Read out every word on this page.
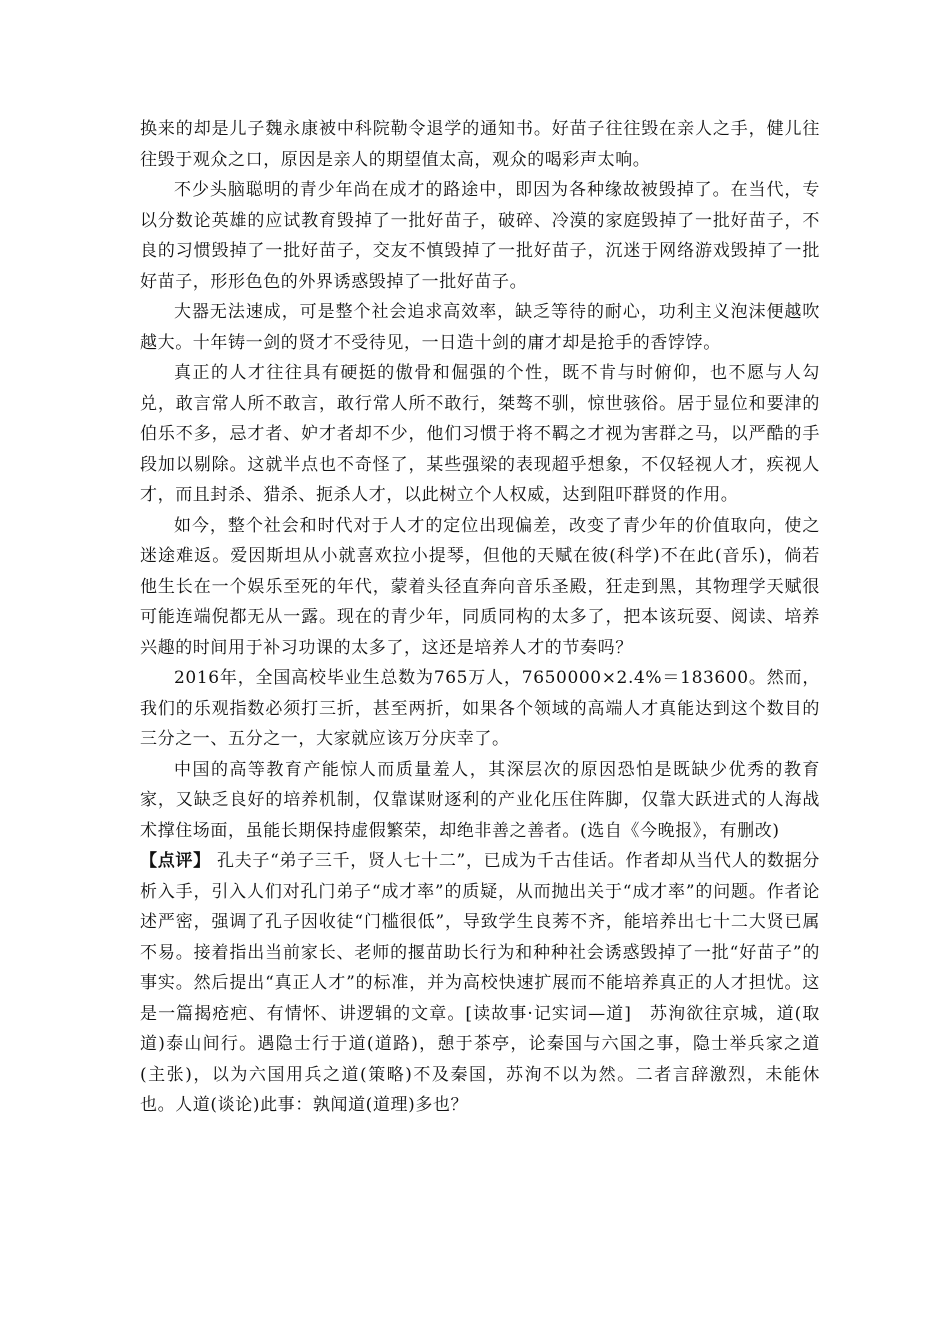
换来的却是儿子魏永康被中科院勒令退学的通知书。好苗子往往毁在亲人之手，健儿往往毁于观众之口，原因是亲人的期望值太高，观众的喝彩声太响。

不少头脑聪明的青少年尚在成才的路途中，即因为各种缘故被毁掉了。在当代，专以分数论英雄的应试教育毁掉了一批好苗子，破碎、冷漠的家庭毁掉了一批好苗子，不良的习惯毁掉了一批好苗子，交友不慎毁掉了一批好苗子，沉迷于网络游戏毁掉了一批好苗子，形形色色的外界诱惑毁掉了一批好苗子。

大器无法速成，可是整个社会追求高效率，缺乏等待的耐心，功利主义泡沫便越吹越大。十年铸一剑的贤才不受待见，一日造十剑的庸才却是抢手的香饽饽。

真正的人才往往具有硬挺的傲骨和倔强的个性，既不肯与时俯仰，也不愿与人勾兑，敢言常人所不敢言，敢行常人所不敢行，桀骜不驯，惊世骇俗。居于显位和要津的伯乐不多，忌才者、妒才者却不少，他们习惯于将不羁之才视为害群之马，以严酷的手段加以剔除。这就半点也不奇怪了，某些强梁的表现超乎想象，不仅轻视人才，疾视人才，而且封杀、猎杀、扼杀人才，以此树立个人权威，达到阻吓群贤的作用。

如今，整个社会和时代对于人才的定位出现偏差，改变了青少年的价值取向，使之迷途难返。爱因斯坦从小就喜欢拉小提琴，但他的天赋在彼(科学)不在此(音乐)，倘若他生长在一个娱乐至死的年代，蒙着头径直奔向音乐圣殿，狂走到黑，其物理学天赋很可能连端倪都无从一露。现在的青少年，同质同构的太多了，把本该玩耍、阅读、培养兴趣的时间用于补习功课的太多了，这还是培养人才的节奏吗？

2016年，全国高校毕业生总数为765万人，7650000×2.4%＝183600。然而，我们的乐观指数必须打三折，甚至两折，如果各个领域的高端人才真能达到这个数目的三分之一、五分之一，大家就应该万分庆幸了。

中国的高等教育产能惊人而质量羞人，其深层次的原因恐怕是既缺少优秀的教育家，又缺乏良好的培养机制，仅靠谋财逐利的产业化压住阵脚，仅靠大跃进式的人海战术撑住场面，虽能长期保持虚假繁荣，却绝非善之善者。(选自《今晚报》，有删改)

【点评】 孔夫子“弟子三千，贤人七十二”，已成为千古佳话。作者却从当代人的数据分析入手，引入人们对孔门弟子“成才率”的质疑，从而抛出关于“成才率”的问题。作者论述严密，强调了孔子因收徒“门槛很低”，导致学生良莠不齐，能培养出七十二大贤已属不易。接着指出当前家长、老师的揠苗助长行为和种种社会诱惑毁掉了一批“好苗子”的事实。然后提出“真正人才”的标准，并为高校快速扩展而不能培养真正的人才担忧。这是一篇揭疮疤、有情怀、讲逻辑的文章。[读故事·记实词—道]　苏洵欲往京城，道(取道)泰山间行。遇隐士行于道(道路)，憩于茶亭，论秦国与六国之事，隐士举兵家之道(主张)，以为六国用兵之道(策略)不及秦国，苏洵不以为然。二者言辞激烈，未能休也。人道(谈论)此事：孰闻道(道理)多也？
